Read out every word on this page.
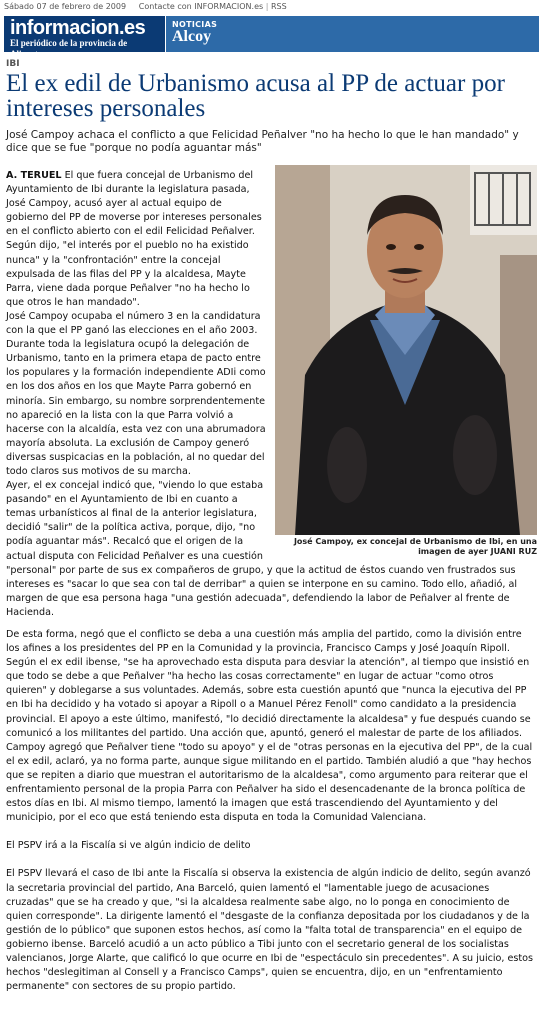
Sábado 07 de febrero de 2009 Contacte con INFORMACION.es | RSS
informacion.es
El periódico de la provincia de Alicante
NOTICIAS
Alcoy
IBI
El ex edil de Urbanismo acusa al PP de actuar por intereses personales
José Campoy achaca el conflicto a que Felicidad Peñalver "no ha hecho lo que le han mandado" y dice que se fue "porque no podía aguantar más"
José Campoy, ex concejal de Urbanismo de Ibi, en una imagen de ayer JUANI RUZ

A. TERUEL El que fuera concejal de Urbanismo del Ayuntamiento de Ibi durante la legislatura pasada, José Campoy, acusó ayer al actual equipo de gobierno del PP de moverse por intereses personales en el conflicto abierto con el edil Felicidad Peñalver. Según dijo, "el interés por el pueblo no ha existido nunca" y la "confrontación" entre la concejal expulsada de las filas del PP y la alcaldesa, Mayte Parra, viene dada porque Peñalver "no ha hecho lo que otros le han mandado".

José Campoy ocupaba el número 3 en la candidatura con la que el PP ganó las elecciones en el año 2003. Durante toda la legislatura ocupó la delegación de Urbanismo, tanto en la primera etapa de pacto entre los populares y la formación independiente ADIi como en los dos años en los que Mayte Parra gobernó en minoría. Sin embargo, su nombre sorprendentemente no apareció en la lista con la que Parra volvió a hacerse con la alcaldía, esta vez con una abrumadora mayoría absoluta. La exclusión de Campoy generó diversas suspicacias en la población, al no quedar del todo claros sus motivos de su marcha.

Ayer, el ex concejal indicó que, "viendo lo que estaba pasando" en el Ayuntamiento de Ibi en cuanto a temas urbanísticos al final de la anterior legislatura, decidió "salir" de la política activa, porque, dijo, "no podía aguantar más". Recalcó que el origen de la actual disputa con Felicidad Peñalver es una cuestión "personal" por parte de sus ex compañeros de grupo, y que la actitud de éstos cuando ven frustrados sus intereses es "sacar lo que sea con tal de derribar" a quien se interpone en su camino. Todo ello, añadió, al margen de que esa persona haga "una gestión adecuada", defendiendo la labor de Peñalver al frente de Hacienda.

De esta forma, negó que el conflicto se deba a una cuestión más amplia del partido, como la división entre los afines a los presidentes del PP en la Comunidad y la provincia, Francisco Camps y José Joaquín Ripoll. Según el ex edil ibense, "se ha aprovechado esta disputa para desviar la atención", al tiempo que insistió en que todo se debe a que Peñalver "ha hecho las cosas correctamente" en lugar de actuar "como otros quieren" y doblegarse a sus voluntades. Además, sobre esta cuestión apuntó que "nunca la ejecutiva del PP en Ibi ha decidido y ha votado si apoyar a Ripoll o a Manuel Pérez Fenoll" como candidato a la presidencia provincial. El apoyo a este último, manifestó, "lo decidió directamente la alcaldesa" y fue después cuando se comunicó a los militantes del partido. Una acción que, apuntó, generó el malestar de parte de los afiliados.

Campoy agregó que Peñalver tiene "todo su apoyo" y el de "otras personas en la ejecutiva del PP", de la cual el ex edil, aclaró, ya no forma parte, aunque sigue militando en el partido. También aludió a que "hay hechos que se repiten a diario que muestran el autoritarismo de la alcaldesa", como argumento para reiterar que el enfrentamiento personal de la propia Parra con Peñalver ha sido el desencadenante de la bronca política de estos días en Ibi. Al mismo tiempo, lamentó la imagen que está trascendiendo del Ayuntamiento y del municipio, por el eco que está teniendo esta disputa en toda la Comunidad Valenciana.

El PSPV irá a la Fiscalía si ve algún indicio de delito

El PSPV llevará el caso de Ibi ante la Fiscalía si observa la existencia de algún indicio de delito, según avanzó la secretaria provincial del partido, Ana Barceló, quien lamentó el "lamentable juego de acusaciones cruzadas" que se ha creado y que, "si la alcaldesa realmente sabe algo, no lo ponga en conocimiento de quien corresponde". La dirigente lamentó el "desgaste de la confianza depositada por los ciudadanos y de la gestión de lo público" que suponen estos hechos, así como la "falta total de transparencia" en el equipo de gobierno ibense. Barceló acudió a un acto público a Tibi junto con el secretario general de los socialistas valencianos, Jorge Alarte, que calificó lo que ocurre en Ibi de "espectáculo sin precedentes". A su juicio, estos hechos "deslegitiman al Consell y a Francisco Camps", quien se encuentra, dijo, en un "enfrentamiento permanente" con sectores de su propio partido.
